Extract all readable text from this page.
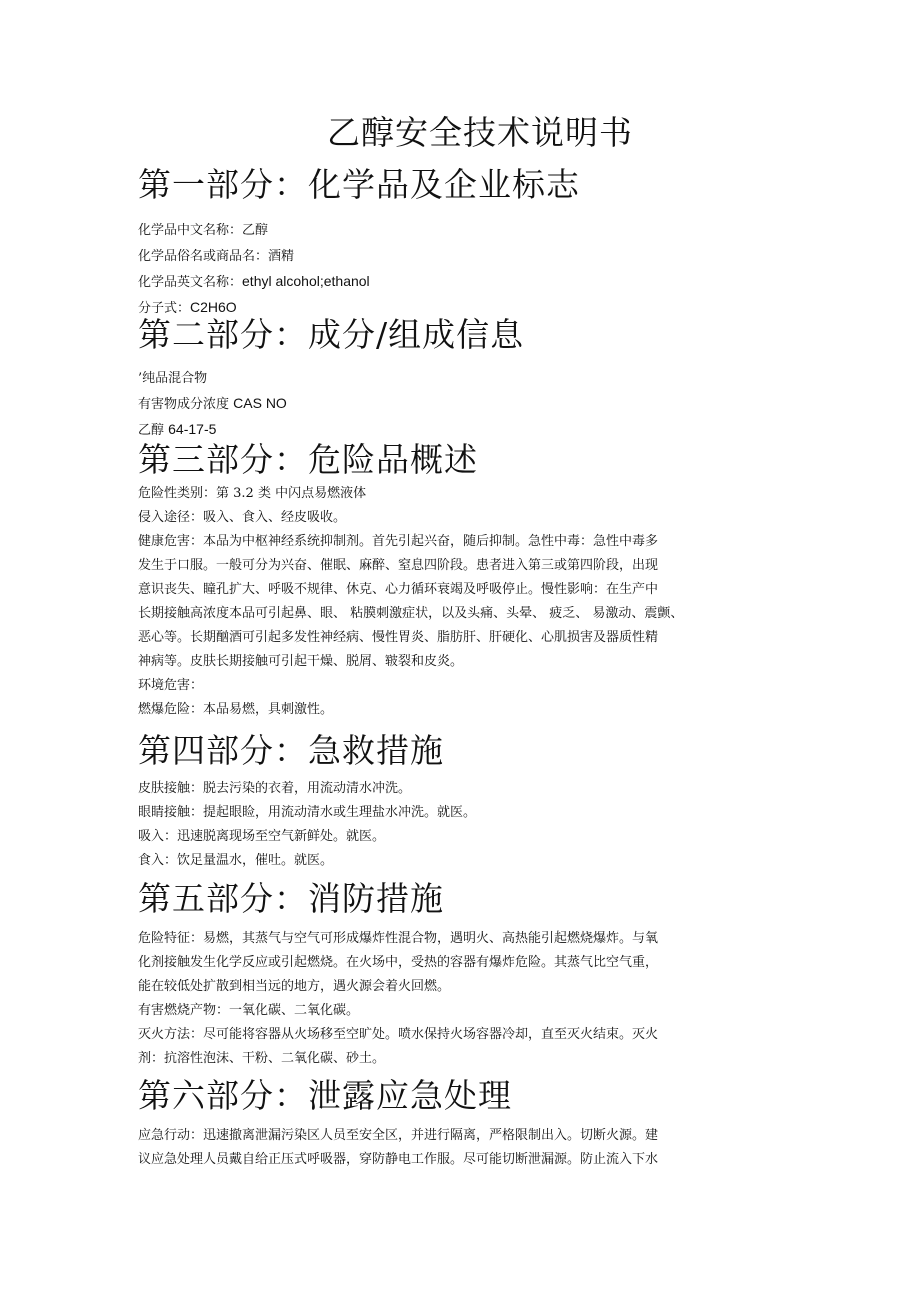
乙醇安全技术说明书
第一部分：化学品及企业标志
化学品中文名称：乙醇
化学品俗名或商品名：酒精
化学品英文名称：ethyl alcohol;ethanol
分子式：C2H6O
第二部分：成分/组成信息
’纯品混合物
有害物成分浓度 CAS NO
乙醇 64-17-5
第三部分：危险品概述
危险性类别：第 3.2 类 中闪点易燃液体
侵入途径：吸入、食入、经皮吸收。
健康危害：本品为中枢神经系统抑制剂。首先引起兴奋，随后抑制。急性中毒：急性中毒多
发生于口服。一般可分为兴奋、催眠、麻醉、窒息四阶段。患者进入第三或第四阶段，出现
意识丧失、瞳孔扩大、呼吸不规律、休克、心力循环衰竭及呼吸停止。慢性影响：在生产中
长期接触高浓度本品可引起鼻、眼、 粘膜刺激症状，以及头痛、头晕、 疲乏、 易激动、震颤、
恶心等。长期酗酒可引起多发性神经病、慢性胃炎、脂肪肝、肝硬化、心肌损害及器质性精
神病等。皮肤长期接触可引起干燥、脱屑、皲裂和皮炎。
环境危害：
燃爆危险：本品易燃，具刺激性。
第四部分：急救措施
皮肤接触：脱去污染的衣着，用流动清水冲洗。
眼睛接触：提起眼睑，用流动清水或生理盐水冲洗。就医。
吸入：迅速脱离现场至空气新鲜处。就医。
食入：饮足量温水，催吐。就医。
第五部分：消防措施
危险特征：易燃，其蒸气与空气可形成爆炸性混合物，遇明火、高热能引起燃烧爆炸。与氧
化剂接触发生化学反应或引起燃烧。在火场中，受热的容器有爆炸危险。其蒸气比空气重，
能在较低处扩散到相当远的地方，遇火源会着火回燃。
有害燃烧产物：一氧化碳、二氧化碳。
灭火方法：尽可能将容器从火场移至空旷处。喷水保持火场容器冷却，直至灭火结束。灭火
剂：抗溶性泡沫、干粉、二氧化碳、砂土。
第六部分：泄露应急处理
应急行动：迅速撤离泄漏污染区人员至安全区，并进行隔离，严格限制出入。切断火源。建
议应急处理人员戴自给正压式呼吸器，穿防静电工作服。尽可能切断泄漏源。防止流入下水
